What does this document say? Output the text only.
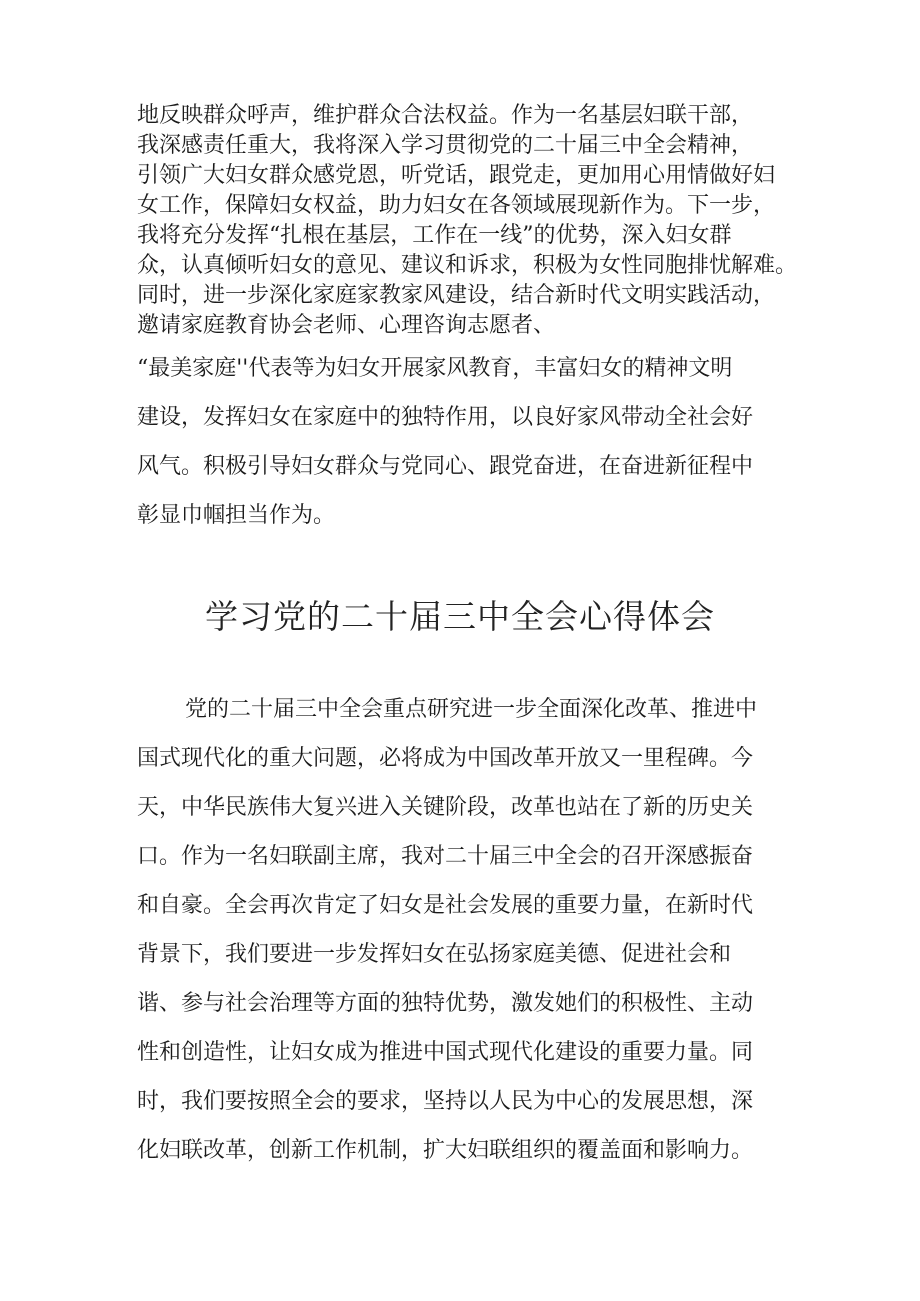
地反映群众呼声，维护群众合法权益。作为一名基层妇联干部，
我深感责任重大，我将深入学习贯彻党的二十届三中全会精神，
引领广大妇女群众感党恩，听党话，跟党走，更加用心用情做好妇
女工作，保障妇女权益，助力妇女在各领域展现新作为。下一步，
我将充分发挥“扎根在基层，工作在一线”的优势，深入妇女群
众，认真倾听妇女的意见、建议和诉求，积极为女性同胞排忧解难。
同时，进一步深化家庭家教家风建设，结合新时代文明实践活动，
邀请家庭教育协会老师、心理咨询志愿者、
“最美家庭''代表等为妇女开展家风教育，丰富妇女的精神文明
建设，发挥妇女在家庭中的独特作用，以良好家风带动全社会好
风气。积极引导妇女群众与党同心、跟党奋进，在奋进新征程中
彰显巾帼担当作为。
学习党的二十届三中全会心得体会
党的二十届三中全会重点研究进一步全面深化改革、推进中
国式现代化的重大问题，必将成为中国改革开放又一里程碑。今
天，中华民族伟大复兴进入关键阶段，改革也站在了新的历史关
口。作为一名妇联副主席，我对二十届三中全会的召开深感振奋
和自豪。全会再次肯定了妇女是社会发展的重要力量，在新时代
背景下，我们要进一步发挥妇女在弘扬家庭美德、促进社会和
谐、参与社会治理等方面的独特优势，激发她们的积极性、主动
性和创造性，让妇女成为推进中国式现代化建设的重要力量。同
时，我们要按照全会的要求，坚持以人民为中心的发展思想，深
化妇联改革，创新工作机制，扩大妇联组织的覆盖面和影响力。
